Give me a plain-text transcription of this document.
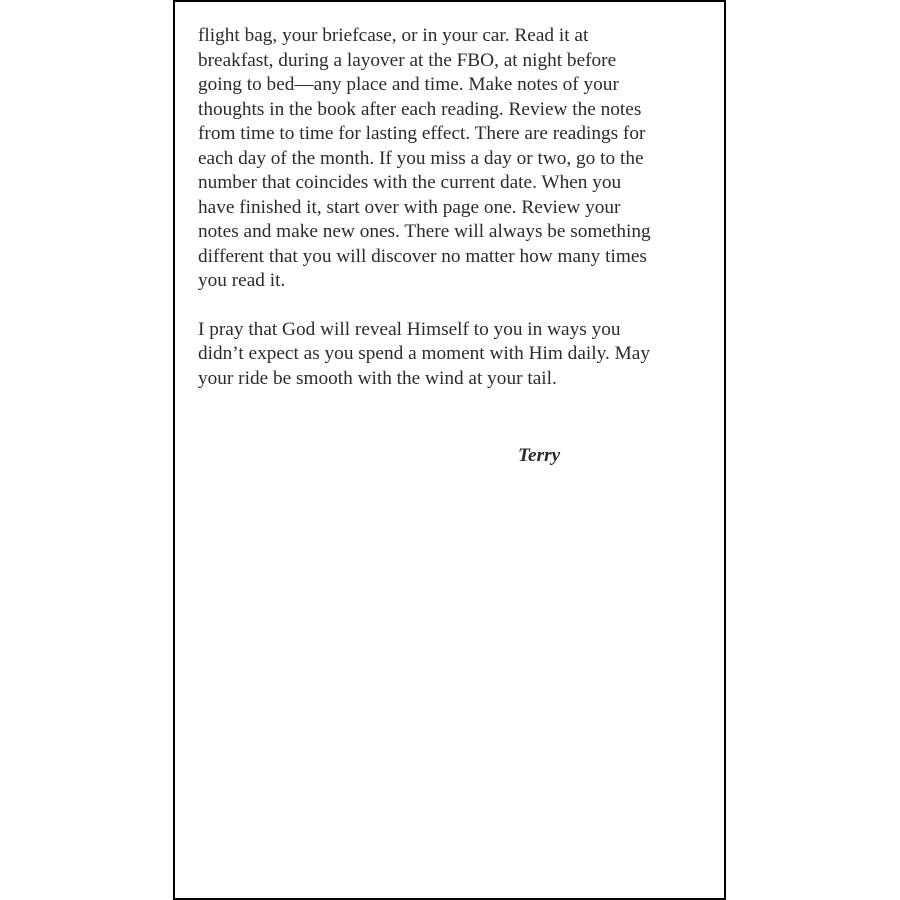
flight bag, your briefcase, or in your car. Read it at
breakfast, during a layover at the FBO, at night before
going to bed—any place and time. Make notes of your
thoughts in the book after each reading. Review the notes
from time to time for lasting effect. There are readings for
each day of the month. If you miss a day or two, go to the
number that coincides with the current date. When you
have finished it, start over with page one. Review your
notes and make new ones. There will always be something
different that you will discover no matter how many times
you read it.
I pray that God will reveal Himself to you in ways you
didn’t expect as you spend a moment with Him daily. May
your ride be smooth with the wind at your tail.

Terry
